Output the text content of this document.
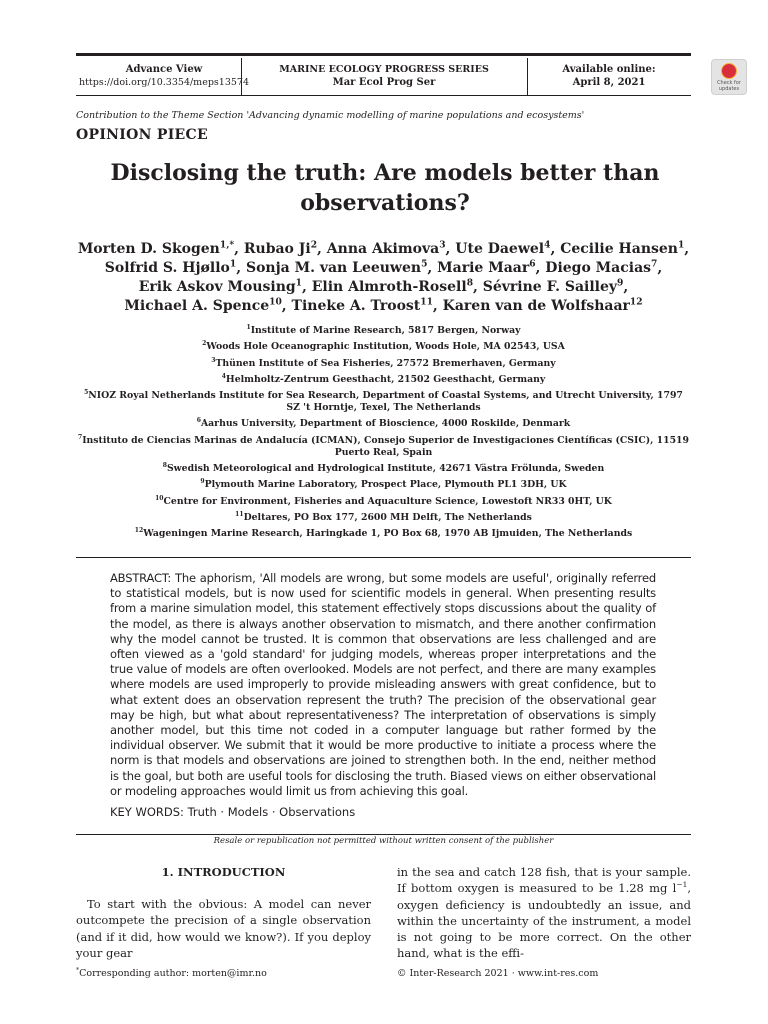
Advance View
https://doi.org/10.3354/meps13574
MARINE ECOLOGY PROGRESS SERIES
Mar Ecol Prog Ser
Available online:
April 8, 2021	Check for updates
Contribution to the Theme Section 'Advancing dynamic modelling of marine populations and ecosystems'
OPINION PIECE
Disclosing the truth: Are models better than observations?
Morten D. Skogen$^{1,*}$, Rubao Ji$^2$, Anna Akimova$^3$, Ute Daewel$^4$, Cecilie Hansen$^1$,
Solfrid S. Hjøllo$^1$, Sonja M. van Leeuwen$^5$, Marie Maar$^6$, Diego Macias$^7$,
Erik Askov Mousing$^1$, Elin Almroth-Rosell$^8$, Sévrine F. Sailley$^9$,
Michael A. Spence$^{10}$, Tineke A. Troost$^{11}$, Karen van de Wolfshaar$^{12}$
$^1$Institute of Marine Research, 5817 Bergen, Norway
$^2$Woods Hole Oceanographic Institution, Woods Hole, MA 02543, USA
$^3$Thünen Institute of Sea Fisheries, 27572 Bremerhaven, Germany
$^4$Helmholtz-Zentrum Geesthacht, 21502 Geesthacht, Germany
$^5$NIOZ Royal Netherlands Institute for Sea Research, Department of Coastal Systems, and Utrecht University, 1797 SZ 't Horntje, Texel, The Netherlands
$^6$Aarhus University, Department of Bioscience, 4000 Roskilde, Denmark
$^7$Instituto de Ciencias Marinas de Andalucía (ICMAN), Consejo Superior de Investigaciones Científicas (CSIC), 11519 Puerto Real, Spain
$^8$Swedish Meteorological and Hydrological Institute, 42671 Västra Frölunda, Sweden
$^9$Plymouth Marine Laboratory, Prospect Place, Plymouth PL1 3DH, UK
$^{10}$Centre for Environment, Fisheries and Aquaculture Science, Lowestoft NR33 0HT, UK
$^{11}$Deltares, PO Box 177, 2600 MH Delft, The Netherlands
$^{12}$Wageningen Marine Research, Haringkade 1, PO Box 68, 1970 AB Ijmuiden, The Netherlands
ABSTRACT: The aphorism, 'All models are wrong, but some models are useful', originally referred to statistical models, but is now used for scientific models in general. When presenting results from a marine simulation model, this statement effectively stops discussions about the quality of the model, as there is always another observation to mismatch, and there another confirmation why the model cannot be trusted. It is common that observations are less challenged and are often viewed as a 'gold standard' for judging models, whereas proper interpretations and the true value of models are often overlooked. Models are not perfect, and there are many examples where models are used improperly to provide misleading answers with great confidence, but to what extent does an observation represent the truth? The precision of the observational gear may be high, but what about representativeness? The interpretation of observations is simply another model, but this time not coded in a computer language but rather formed by the individual observer. We submit that it would be more productive to initiate a process where the norm is that models and observations are joined to strengthen both. In the end, neither method is the goal, but both are useful tools for disclosing the truth. Biased views on either observational or modeling approaches would limit us from achieving this goal.
KEY WORDS: Truth · Models · Observations
Resale or republication not permitted without written consent of the publisher
1. INTRODUCTION
To start with the obvious: A model can never outcompete the precision of a single observation (and if it did, how would we know?). If you deploy your gear
in the sea and catch 128 fish, that is your sample. If bottom oxygen is measured to be 1.28 mg $l^{-1}$, oxygen deficiency is undoubtedly an issue, and within the uncertainty of the instrument, a model is not going to be more correct. On the other hand, what is the effi-
*Corresponding author: morten@imr.no	© Inter-Research 2021 · www.int-res.com
